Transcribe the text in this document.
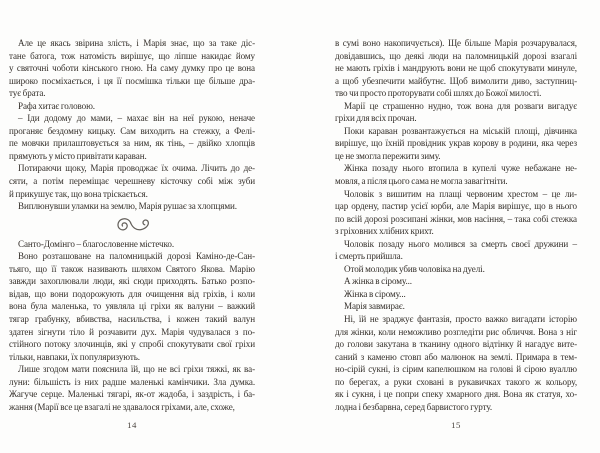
Але це якась звірина злість, і Марія знає, що за таке діс-
тане батога, тож натомість вирішує, що ліпше накидає йому
у святочні чоботи кінського гною. На саму думку про це вона
широко посміхається, і ця її посмішка тільки ще більше дра-
тує брата.
Рафа хитає головою.
– Іди додому до мами, – махає він на неї рукою, неначе
проганяє бездомну кицьку. Сам виходить на стежку, а Фелі-
пе мовчки прилаштовується за ним, як тінь, – двійко хлопців
прямують у місто привітати караван.
Потираючи щоку, Марія проводжає їх очима. Лічить до де-
сяти, а потім переміщає черешневу кісточку собі між зуби
й прикушує так, що вона тріскається.
Виплюнувши уламки на землю, Марія рушає за хлопцями.
Санто-Домінго – благословенне містечко.
Воно розташоване на паломницькій дорозі Каміно-де-Сан-
тьяго, що її також називають шляхом Святого Якова. Марію
завжди захоплювали люди, які сюди приходять. Батько розпо-
відав, що вони подорожують для очищення від гріхів, і коли
вона була маленька, то уявляла ці гріхи як валуни – важкий
тягар грабунку, вбивства, насильства, і кожен такий валун
здатен зігнути тіло й розчавити дух. Марія чудувалася з по-
стійного потоку злочинців, які у спробі спокутувати свої гріхи
тільки, навпаки, їх популяризують.
Лише згодом мати пояснила їй, що не всі гріхи тяжкі, як ва-
луни: більшість із них радше маленькі камінчики. Зла думка.
Жагуче серце. Маленькі тягарі, як-от жадоба, і заздрість, і ба-
жання (Марії все це взагалі не здавалося гріхами, але, схоже,
14
в сумі воно накопичується). Ще більше Марія розчарувалася,
довідавшись, що деякі люди на паломницькій дорозі взагалі
не мають гріхів і мандрують вони не щоб спокутувати минуле,
а щоб убезпечити майбутнє. Щоб вимолити диво, заступниц-
тво чи просто проторувати собі шлях до Божої милості.
Марії це страшенно нудно, тож вона для розваги вигадує
гріхи для всіх прочан.
Поки караван розвантажується на міській площі, дівчинка
вирішує, що їхній провідник украв корову в родини, яка через
це не змогла пережити зиму.
Жінка позаду нього втопила в купелі чуже небажане не-
мовля, а після цього сама не могла завагітніти.
Чоловік з вишитим на плащі червоним хрестом – це ли-
цар ордену, пастир усієї юрби, але Марія вирішує, що в нього
по всій дорозі розсипані жінки, мов насіння, – така собі стежка
з гріховних хлібних крихт.
Чоловік позаду нього молився за смерть своєї дружини –
і смерть прийшла.
Отой молодик убив чоловіка на дуелі.
А жінка в сірому...
Жінка в сірому...
Марія завмирає.
Ні, їй не зраджує фантазія, просто важко вигадати історію
для жінки, коли неможливо розгледіти рис обличчя. Вона з ніг
до голови закутана в тканину одного відтінку й нагадує вите-
саний з каменю стовп або малюнок на землі. Примара в тем-
но-сірій сукні, із сірим капелюшком на голові й сірою вуаллю
по берегах, а руки сховані в рукавичках такого ж кольору,
як і сукня, і це попри спеку хмарного дня. Вона як статуя, хо-
лодна і безбарвна, серед барвистого гурту.
15
